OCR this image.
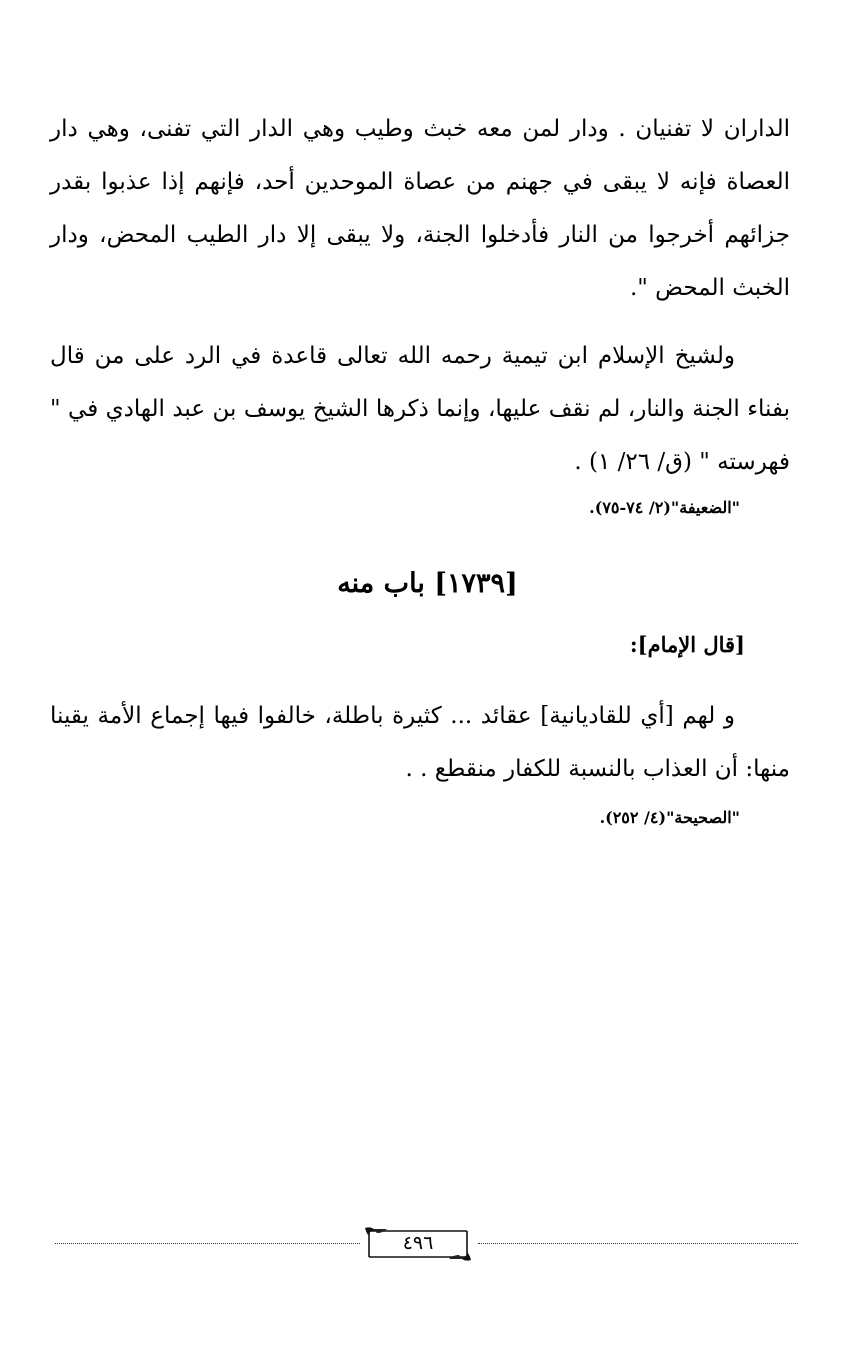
الداران لا تفنيان . ودار لمن معه خبث وطيب وهي الدار التي تفنى، وهي دار العصاة فإنه لا يبقى في جهنم من عصاة الموحدين أحد، فإنهم إذا عذبوا بقدر جزائهم أخرجوا من النار فأدخلوا الجنة، ولا يبقى إلا دار الطيب المحض، ودار الخبث المحض ".

ولشيخ الإسلام ابن تيمية رحمه الله تعالى قاعدة في الرد على من قال بفناء الجنة والنار، لم نقف عليها، وإنما ذكرها الشيخ يوسف بن عبد الهادي في " فهرسته " (ق/ ٢٦/ ١) .

"الضعيفة"(٢/ ٧٤-٧٥).
[١٧٣٩] باب منه
[قال الإمام]:

و لهم [أي للقاديانية] عقائد ... كثيرة باطلة، خالفوا فيها إجماع الأمة يقينا منها: أن العذاب بالنسبة للكفار منقطع . .

"الصحيحة"(٤/ ٢٥٢).
٤٩٦
